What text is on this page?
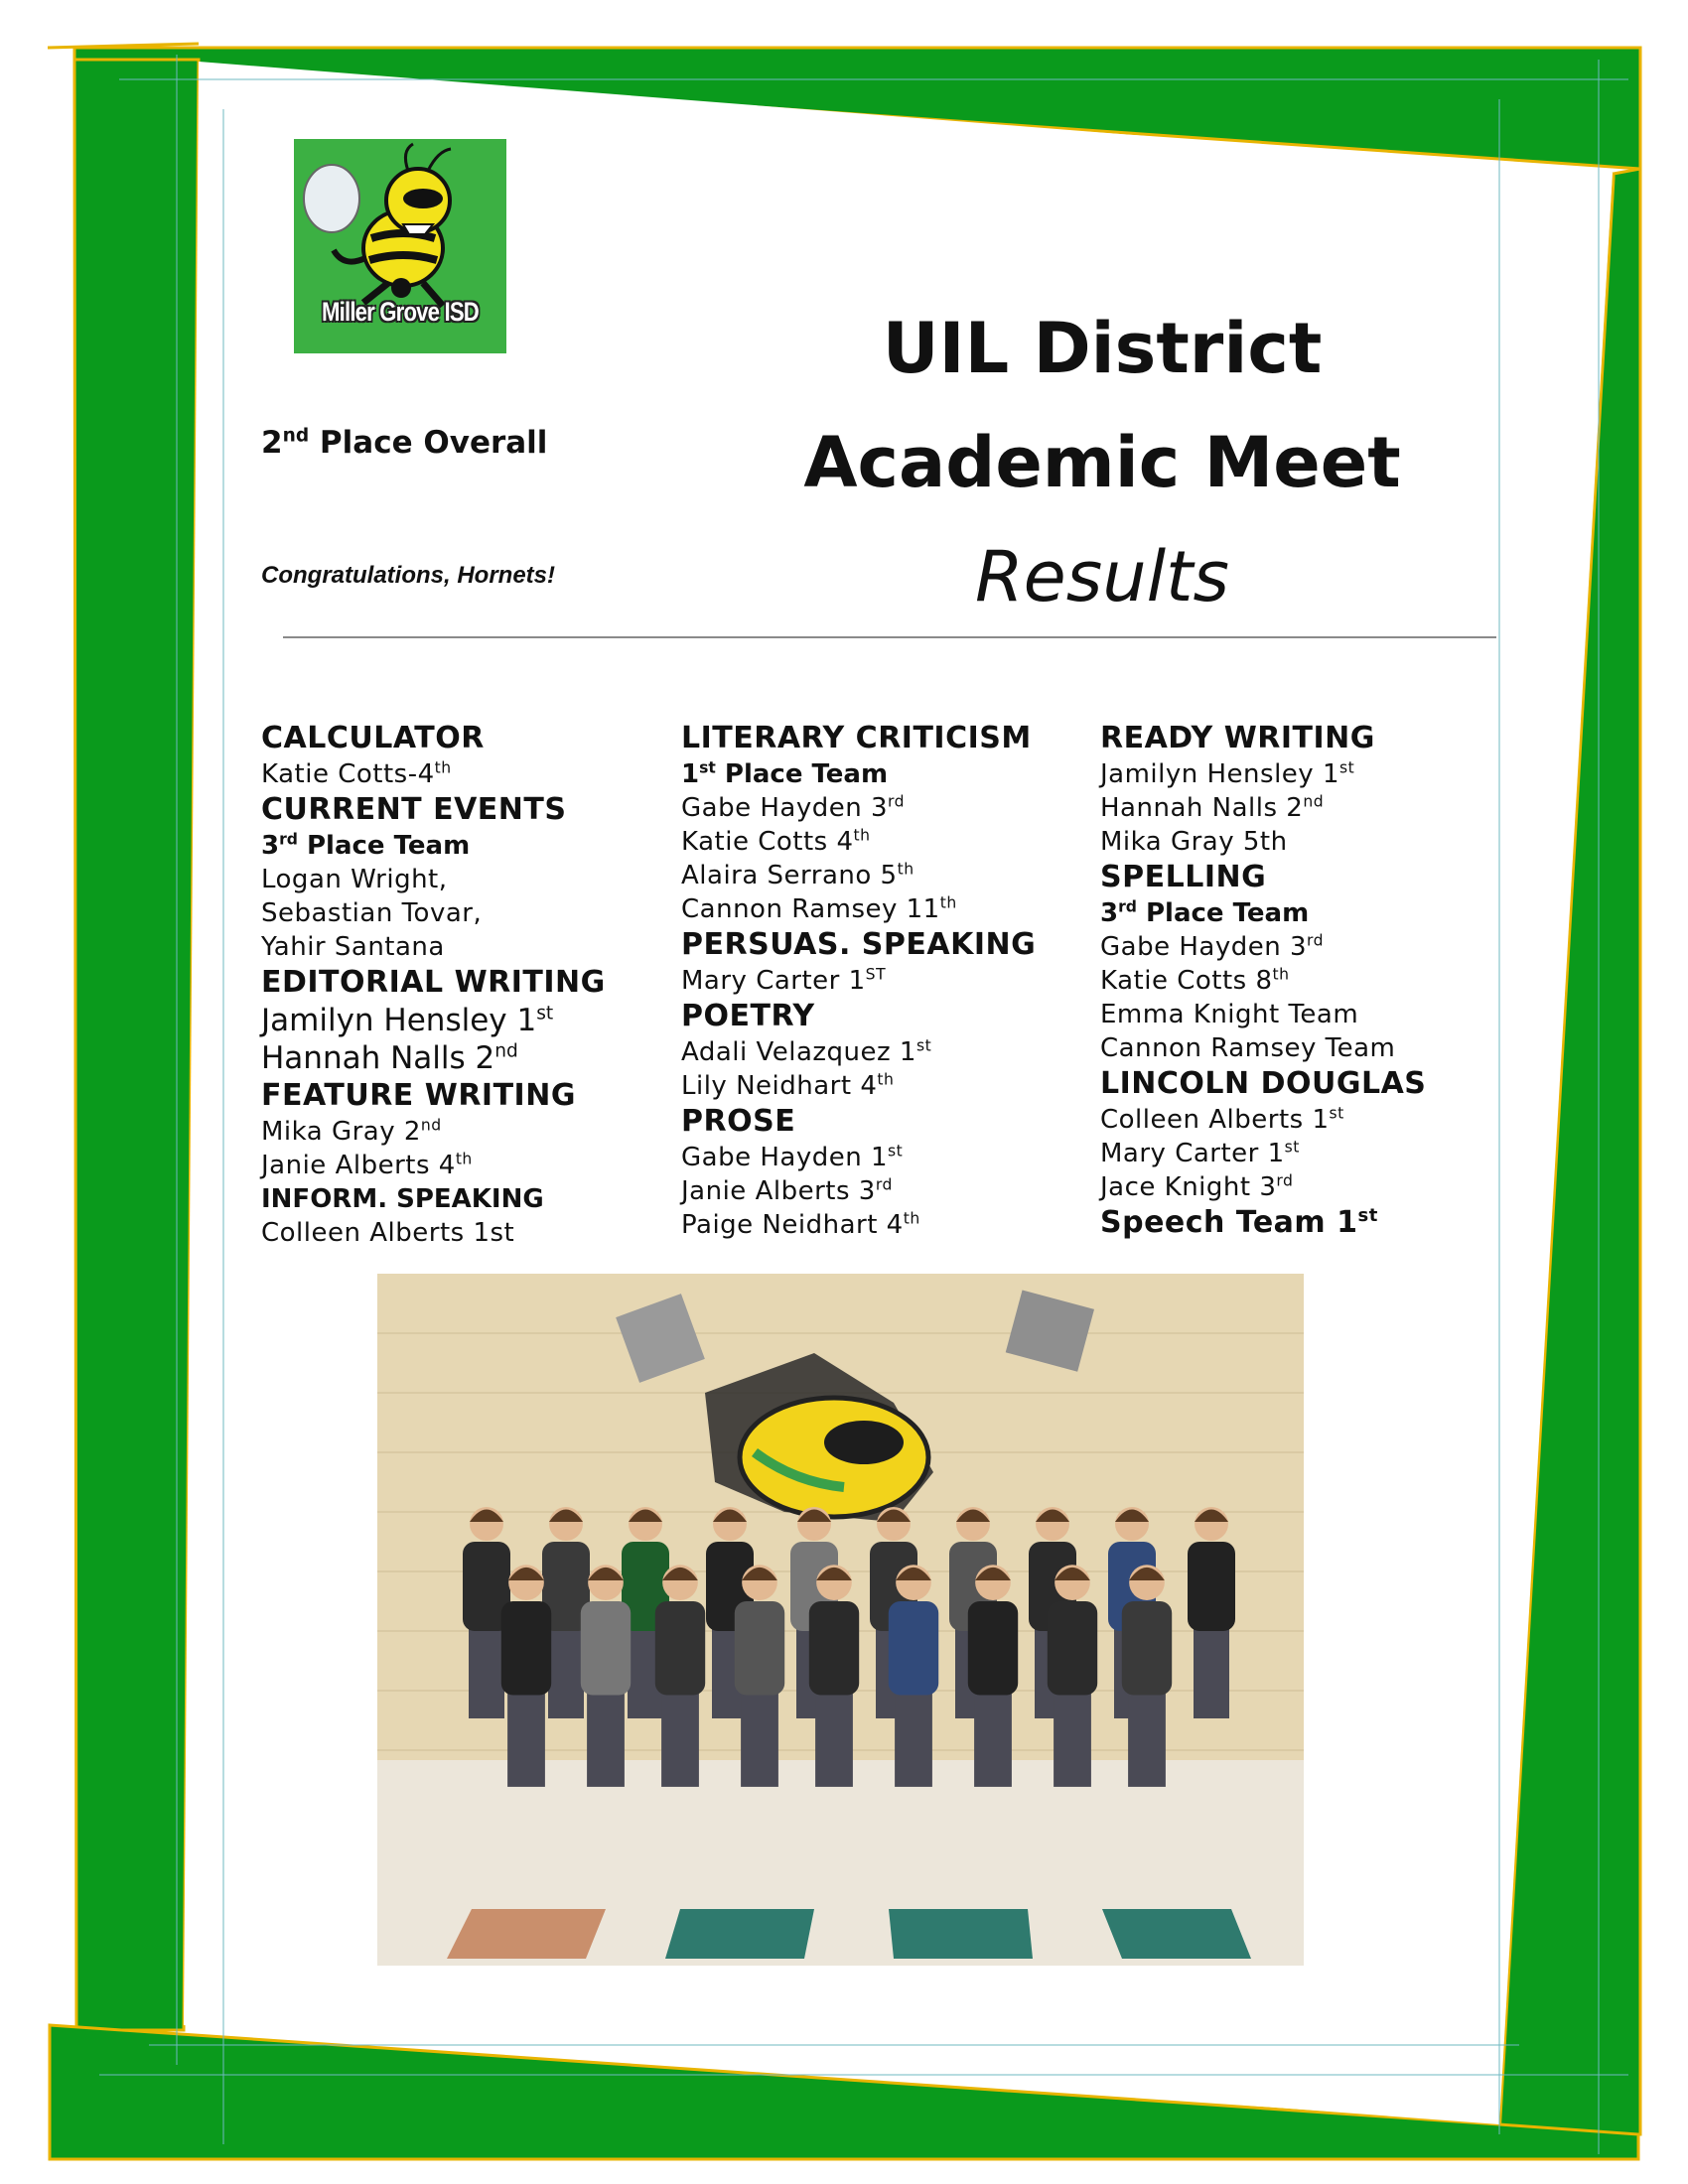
Miller Grove ISD
2nd Place Overall
Congratulations, Hornets!
UIL District
Academic Meet
Results
CALCULATOR
Katie Cotts-4th
CURRENT EVENTS
3rd Place Team
Logan Wright,
Sebastian Tovar,
Yahir Santana
EDITORIAL WRITING
Jamilyn Hensley 1st
Hannah Nalls 2nd
FEATURE WRITING
Mika Gray 2nd
Janie Alberts 4th
INFORM. SPEAKING
Colleen Alberts 1st
LITERARY CRITICISM
1st Place Team
Gabe Hayden 3rd
Katie Cotts 4th
Alaira Serrano 5th
Cannon Ramsey 11th
PERSUAS. SPEAKING
Mary Carter 1ST
POETRY
Adali Velazquez 1st
Lily Neidhart 4th
PROSE
Gabe Hayden 1st
Janie Alberts 3rd
Paige Neidhart 4th
READY WRITING
Jamilyn Hensley 1st
Hannah Nalls 2nd
Mika Gray 5th
SPELLING
3rd Place Team
Gabe Hayden 3rd
Katie Cotts 8th
Emma Knight Team
Cannon Ramsey Team
LINCOLN DOUGLAS
Colleen Alberts 1st
Mary Carter 1st
Jace Knight 3rd
Speech Team 1st
